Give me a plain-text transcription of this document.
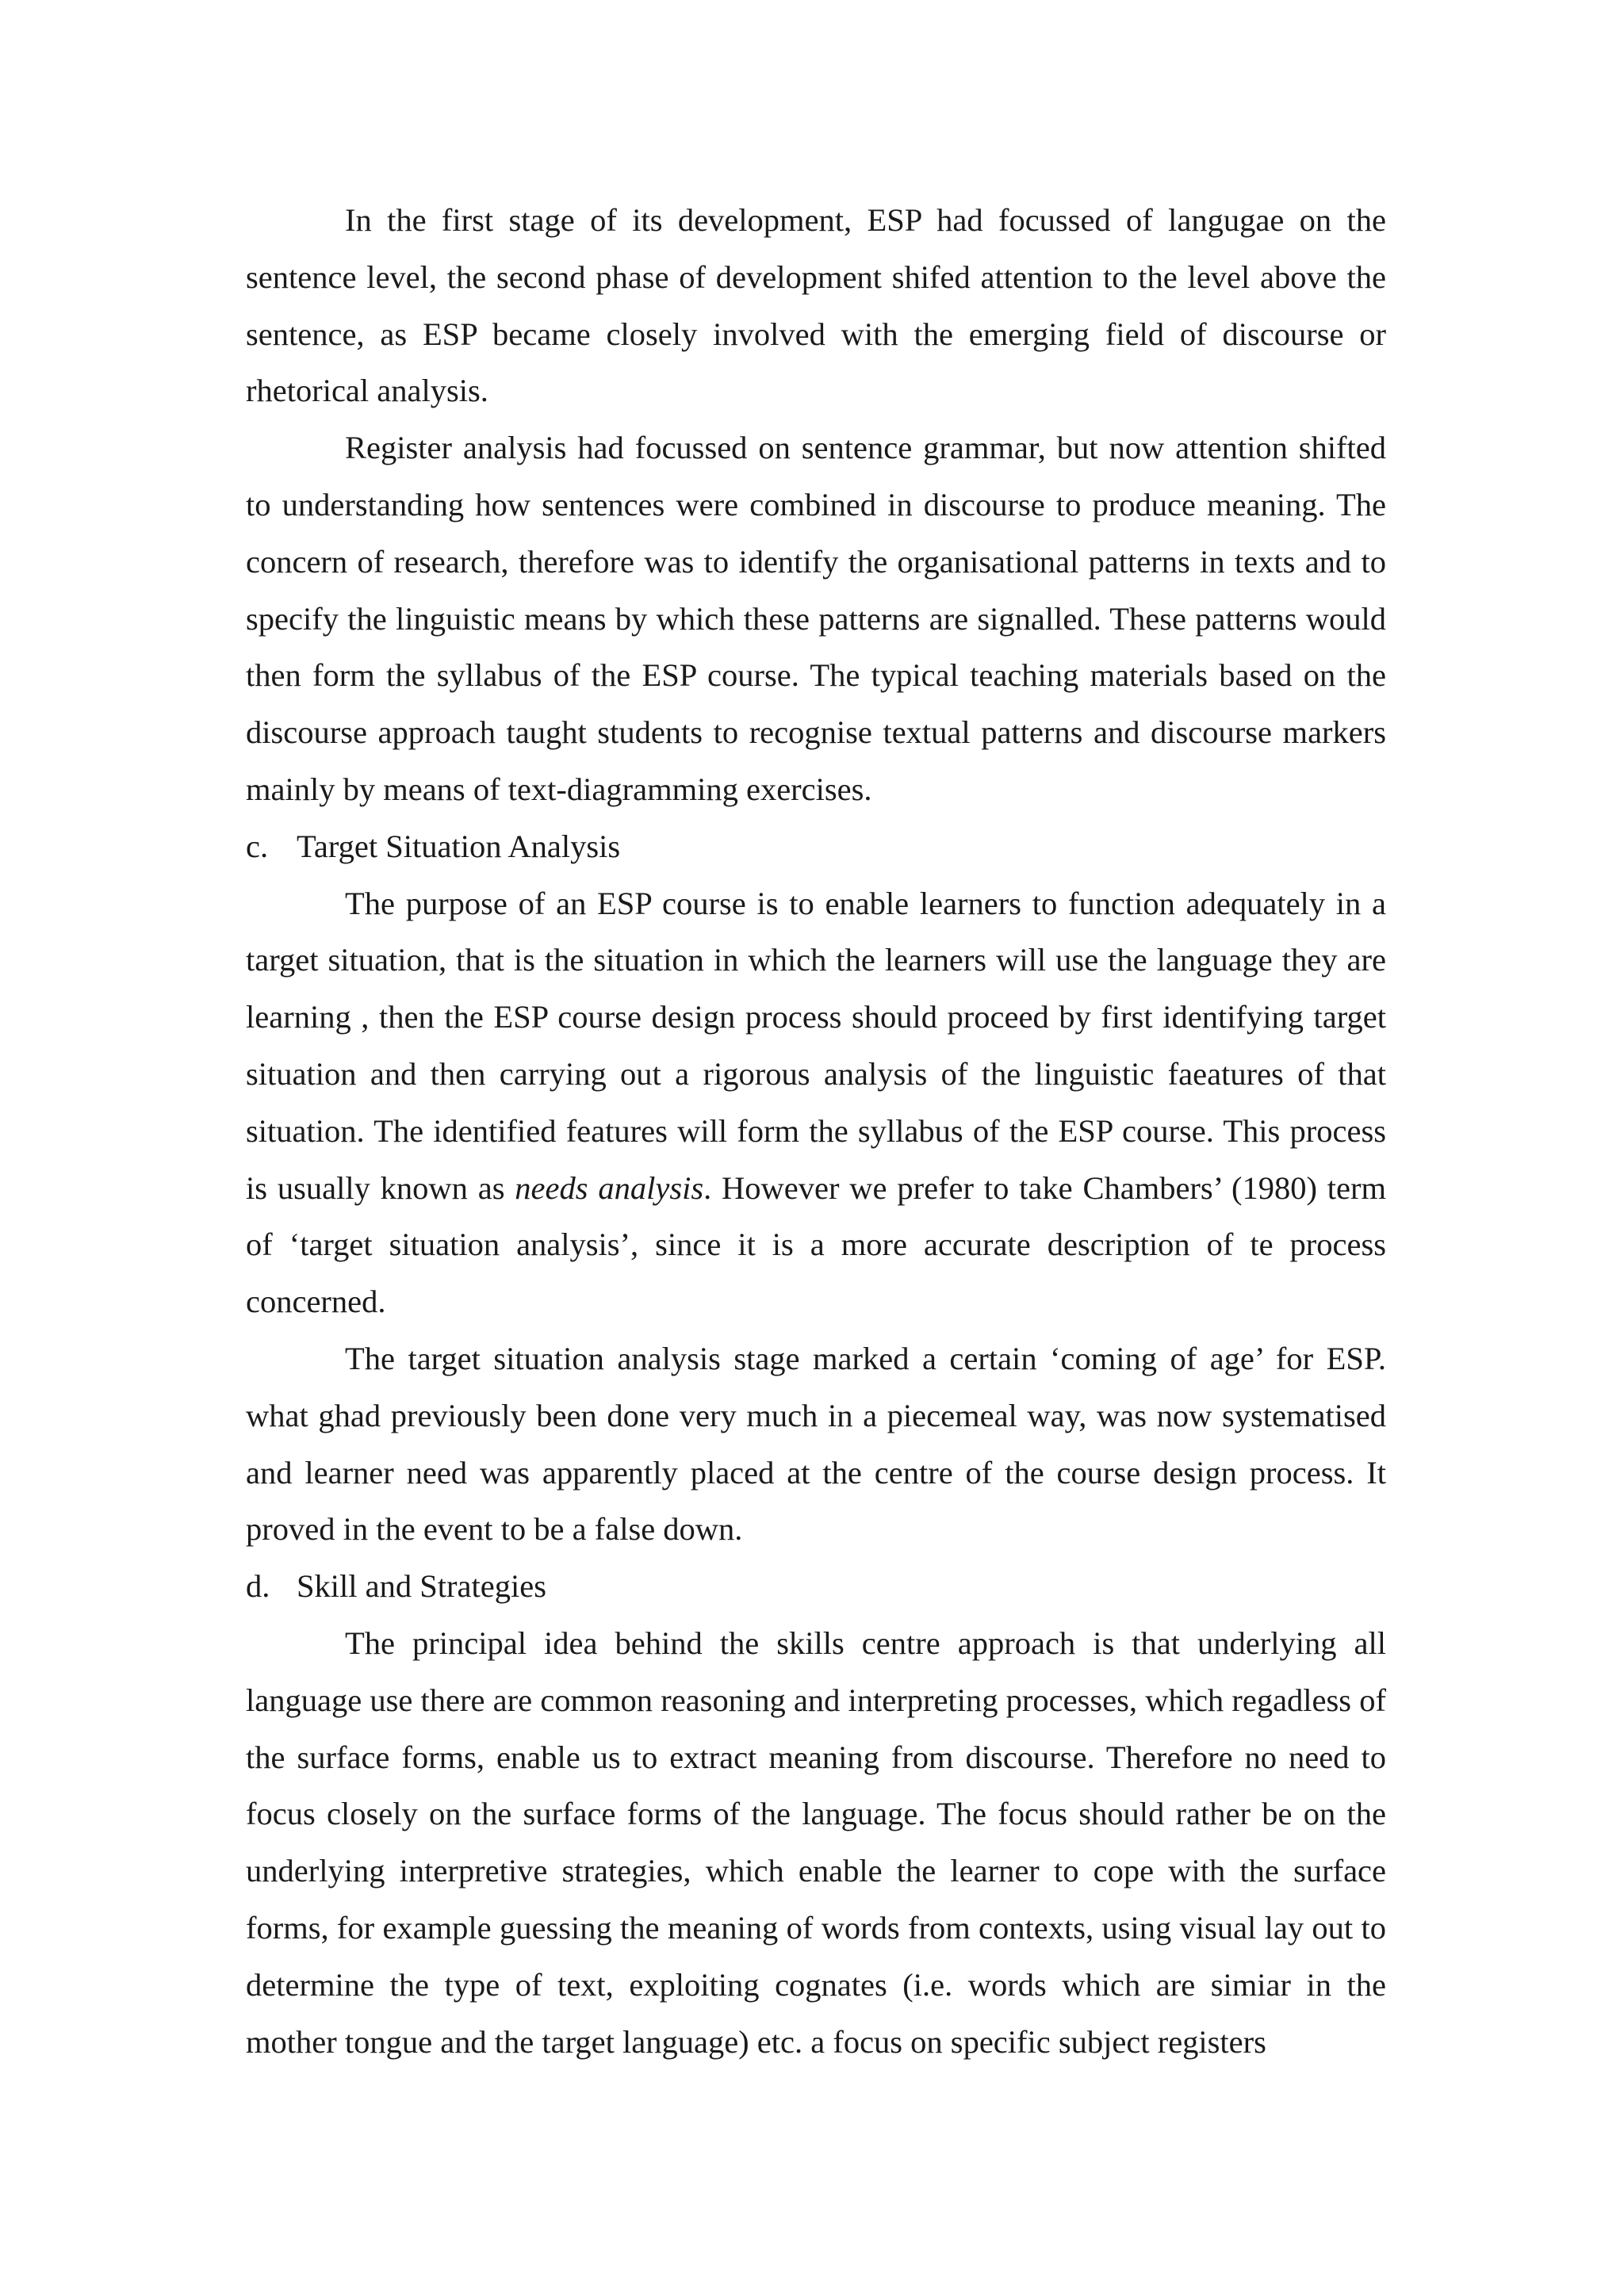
In the first stage of its development, ESP had focussed of langugae on the sentence level, the second phase of development shifed attention to the level above the sentence, as ESP became closely involved with the emerging field of discourse or rhetorical analysis.

Register analysis had focussed on sentence grammar, but now attention shifted to understanding how sentences were combined in discourse to produce meaning. The concern of research, therefore was to identify the organisational patterns in texts and to specify the linguistic means by which these patterns are signalled. These patterns would then form the syllabus of the ESP course. The typical teaching materials based on the discourse approach taught students to recognise textual patterns and discourse markers mainly by means of text-diagramming exercises.

c. Target Situation Analysis

The purpose of an ESP course is to enable learners to function adequately in a target situation, that is the situation in which the learners will use the language they are learning , then the ESP course design process should proceed by first identifying target situation and then carrying out a rigorous analysis of the linguistic faeatures of that situation. The identified features will form the syllabus of the ESP course. This process is usually known as needs analysis. However we prefer to take Chambers’ (1980) term of ‘target situation analysis’, since it is a more accurate description of te process concerned.

The target situation analysis stage marked a certain ‘coming of age’ for ESP. what ghad previously been done very much in a piecemeal way, was now systematised and learner need was apparently placed at the centre of the course design process. It proved in the event to be a false down.

d. Skill and Strategies

The principal idea behind the skills centre approach is that underlying all language use there are common reasoning and interpreting processes, which regadless of the surface forms, enable us to extract meaning from discourse. Therefore no need to focus closely on the surface forms of the language. The focus should rather be on the underlying interpretive strategies, which enable the learner to cope with the surface forms, for example guessing the meaning of words from contexts, using visual lay out to determine the type of text, exploiting cognates (i.e. words which are simiar in the mother tongue and the target language) etc. a focus on specific subject registers
